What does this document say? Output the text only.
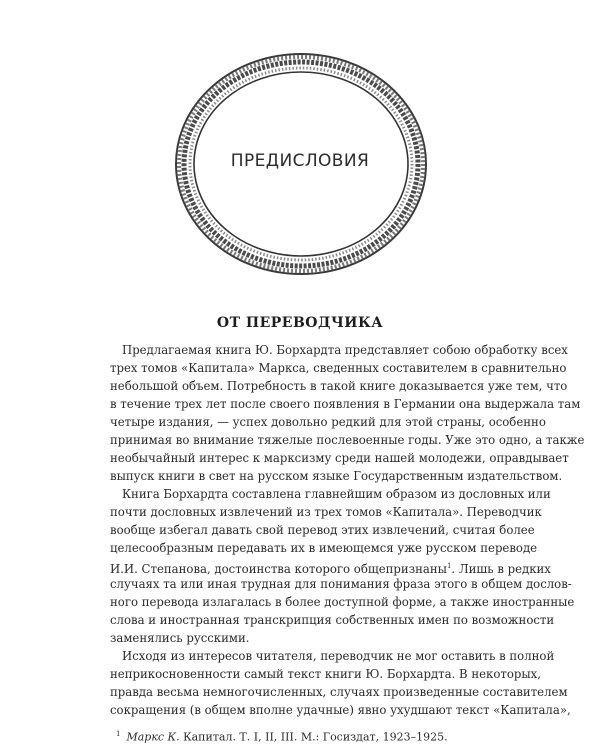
ПРЕДИСЛОВИЯ
ОТ ПЕРЕВОДЧИКА
Предлагаемая книга Ю. Борхардта представляет собою обработку всех
трех томов «Капитала» Маркса, сведенных составителем в сравнительно
небольшой объем. Потребность в такой книге доказывается уже тем, что
в течение трех лет после своего появления в Германии она выдержала там
четыре издания, — успех довольно редкий для этой страны, особенно
принимая во внимание тяжелые послевоенные годы. Уже это одно, а также
необычайный интерес к марксизму среди нашей молодежи, оправдывает
выпуск книги в свет на русском языке Государственным издательством.
Книга Борхардта составлена главнейшим образом из дословных или
почти дословных извлечений из трех томов «Капитала». Переводчик
вообще избегал давать свой перевод этих извлечений, считая более
целесообразным передавать их в имеющемся уже русском переводе
И.И. Степанова, достоинства которого общепризнаны$^1$. Лишь в редких
случаях та или иная трудная для понимания фраза этого в общем дослов-
ного перевода излагалась в более доступной форме, а также иностранные
слова и иностранная транскрипция собственных имен по возможности
заменялись русскими.
Исходя из интересов читателя, переводчик не мог оставить в полной
неприкосновенности самый текст книги Ю. Борхардта. В некоторых,
правда весьма немногочисленных, случаях произведенные составителем
сокращения (в общем вполне удачные) явно ухудшают текст «Капитала»,
$^1$ Маркс К. Капитал. Т. I, II, III. М.: Госиздат, 1923–1925.
